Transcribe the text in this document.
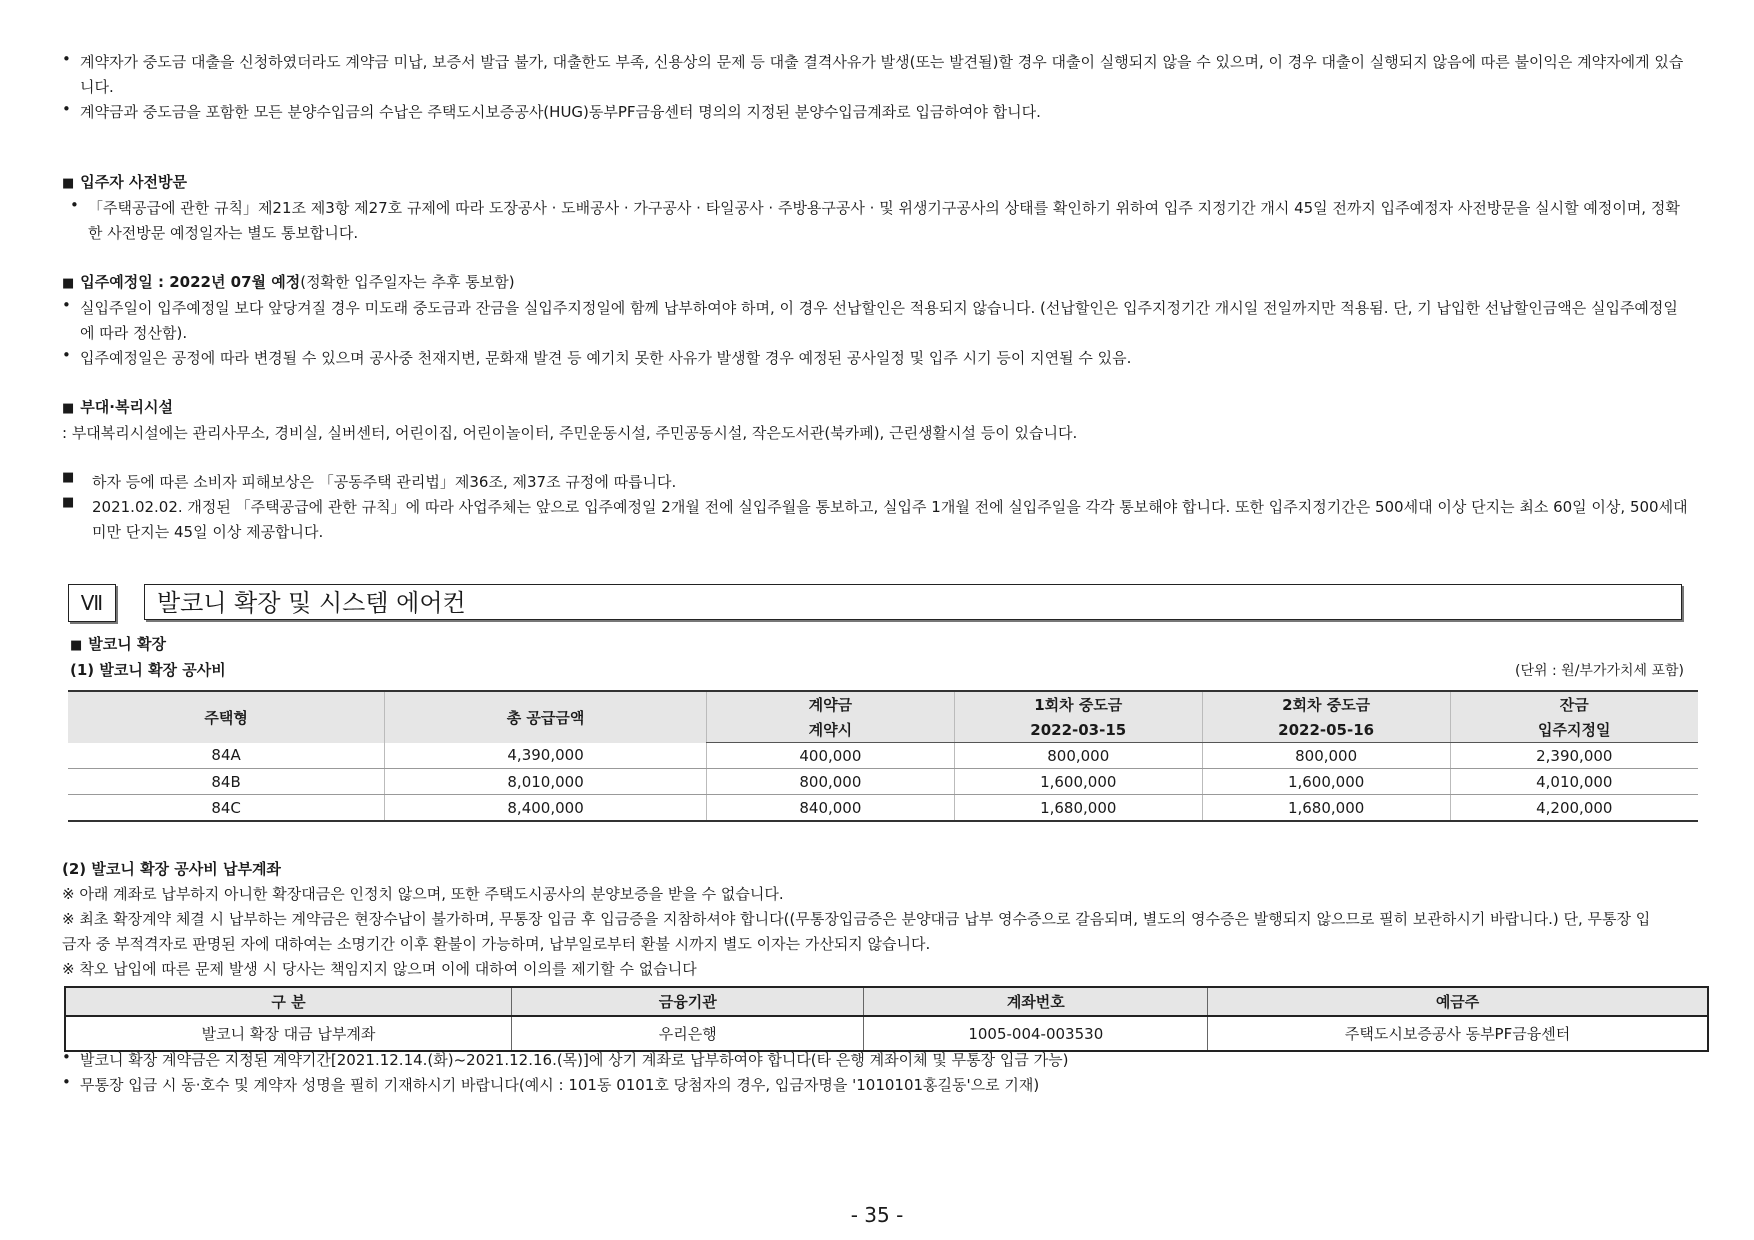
• 계약자가 중도금 대출을 신청하였더라도 계약금 미납, 보증서 발급 불가, 대출한도 부족, 신용상의 문제 등 대출 결격사유가 발생(또는 발견될)할 경우 대출이 실행되지 않을 수 있으며, 이 경우 대출이 실행되지 않음에 따른 불이익은 계약자에게 있습니다.
• 계약금과 중도금을 포함한 모든 분양수입금의 수납은 주택도시보증공사(HUG)동부PF금융센터 명의의 지정된 분양수입금계좌로 입금하여야 합니다.
■ 입주자 사전방문
• 「주택공급에 관한 규칙」제21조 제3항 제27호 규제에 따라 도장공사 · 도배공사 · 가구공사 · 타일공사 · 주방용구공사 · 및 위생기구공사의 상태를 확인하기 위하여 입주 지정기간 개시 45일 전까지 입주예정자 사전방문을 실시할 예정이며, 정확한 사전방문 예정일자는 별도 통보합니다.
■ 입주예정일 : 2022년 07월 예정(정확한 입주일자는 추후 통보함)
• 실입주일이 입주예정일 보다 앞당겨질 경우 미도래 중도금과 잔금을 실입주지정일에 함께 납부하여야 하며, 이 경우 선납할인은 적용되지 않습니다. (선납할인은 입주지정기간 개시일 전일까지만 적용됨. 단, 기 납입한 선납할인금액은 실입주예정일에 따라 정산함).
• 입주예정일은 공정에 따라 변경될 수 있으며 공사중 천재지변, 문화재 발견 등 예기치 못한 사유가 발생할 경우 예정된 공사일정 및 입주 시기 등이 지연될 수 있음.
■ 부대·복리시설
: 부대복리시설에는 관리사무소, 경비실, 실버센터, 어린이집, 어린이놀이터, 주민운동시설, 주민공동시설, 작은도서관(북카페), 근린생활시설 등이 있습니다.
■	하자 등에 따른 소비자 피해보상은 「공동주택 관리법」제36조, 제37조 규정에 따릅니다.
■	2021.02.02. 개정된 「주택공급에 관한 규칙」에 따라 사업주체는 앞으로 입주예정일 2개월 전에 실입주월을 통보하고, 실입주 1개월 전에 실입주일을 각각 통보해야 합니다. 또한 입주지정기간은 500세대 이상 단지는 최소 60일 이상, 500세대 미만 단지는 45일 이상 제공합니다.
Ⅶ	발코니 확장 및 시스템 에어컨
■ 발코니 확장
(1) 발코니 확장 공사비	(단위 : 원/부가가치세 포함)
주택형	총 공급금액	계약금	1회차 중도금	2회차 중도금	잔금
		계약시	2022-03-15	2022-05-16	입주지정일
84A	4,390,000	400,000	800,000	800,000	2,390,000
84B	8,010,000	800,000	1,600,000	1,600,000	4,010,000
84C	8,400,000	840,000	1,680,000	1,680,000	4,200,000
(2) 발코니 확장 공사비 납부계좌
※ 아래 계좌로 납부하지 아니한 확장대금은 인정치 않으며, 또한 주택도시공사의 분양보증을 받을 수 없습니다.
※ 최초 확장계약 체결 시 납부하는 계약금은 현장수납이 불가하며, 무통장 입금 후 입금증을 지참하셔야 합니다((무통장입금증은 분양대금 납부 영수증으로 갈음되며, 별도의 영수증은 발행되지 않으므로 필히 보관하시기 바랍니다.) 단, 무통장 입금자 중 부적격자로 판명된 자에 대하여는 소명기간 이후 환불이 가능하며, 납부일로부터 환불 시까지 별도 이자는 가산되지 않습니다.
※ 착오 납입에 따른 문제 발생 시 당사는 책임지지 않으며 이에 대하여 이의를 제기할 수 없습니다
구 분	금융기관	계좌번호	예금주
발코니 확장 대금 납부계좌	우리은행	1005-004-003530	주택도시보증공사 동부PF금융센터
• 발코니 확장 계약금은 지정된 계약기간[2021.12.14.(화)~2021.12.16.(목)]에 상기 계좌로 납부하여야 합니다(타 은행 계좌이체 및 무통장 입금 가능)
• 무통장 입금 시 동·호수 및 계약자 성명을 필히 기재하시기 바랍니다(예시 : 101동 0101호 당첨자의 경우, 입금자명을 '1010101홍길동'으로 기재)
- 35 -
